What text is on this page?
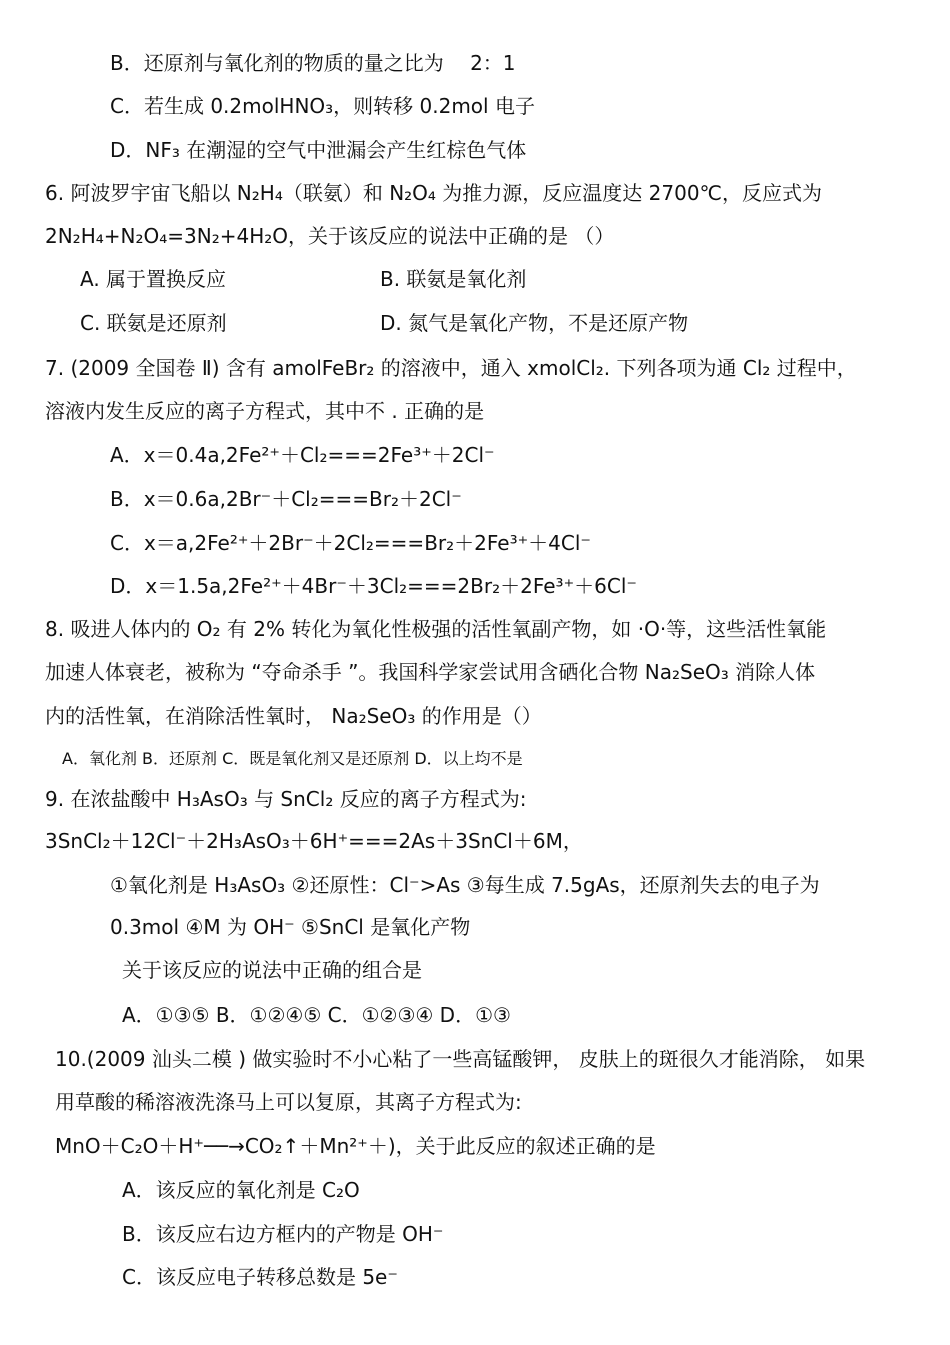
B．还原剂与氧化剂的物质的量之比为　 2：1
C．若生成 0.2molHNO₃，则转移 0.2mol 电子
D．NF₃ 在潮湿的空气中泄漏会产生红棕色气体
6. 阿波罗宇宙飞船以 N₂H₄（联氨）和 N₂O₄ 为推力源，反应温度达 2700℃，反应式为
2N₂H₄+N₂O₄=3N₂+4H₂O，关于该反应的说法中正确的是 （）
A. 属于置换反应	B. 联氨是氧化剂
C. 联氨是还原剂	D. 氮气是氧化产物，不是还原产物
7. (2009 全国卷 Ⅱ) 含有 amolFeBr₂ 的溶液中，通入 xmolCl₂. 下列各项为通 Cl₂ 过程中，
溶液内发生反应的离子方程式，其中不 . 正确的是
A．x＝0.4a,2Fe²⁺＋Cl₂===2Fe³⁺＋2Cl⁻
B．x＝0.6a,2Br⁻＋Cl₂===Br₂＋2Cl⁻
C．x＝a,2Fe²⁺＋2Br⁻＋2Cl₂===Br₂＋2Fe³⁺＋4Cl⁻
D．x＝1.5a,2Fe²⁺＋4Br⁻＋3Cl₂===2Br₂＋2Fe³⁺＋6Cl⁻
8. 吸进人体内的 O₂ 有 2% 转化为氧化性极强的活性氧副产物，如 ·O·等，这些活性氧能
加速人体衰老，被称为 “夺命杀手 ”。我国科学家尝试用含硒化合物 Na₂SeO₃ 消除人体
内的活性氧，在消除活性氧时， Na₂SeO₃ 的作用是（）
A．氧化剂 B．还原剂 C．既是氧化剂又是还原剂 D．以上均不是
9. 在浓盐酸中 H₃AsO₃ 与 SnCl₂ 反应的离子方程式为:
3SnCl₂＋12Cl⁻＋2H₃AsO₃＋6H⁺===2As＋3SnCl＋6M，
①氧化剂是 H₃AsO₃ ②还原性：Cl⁻>As ③每生成 7.5gAs，还原剂失去的电子为
0.3mol ④M 为 OH⁻ ⑤SnCl 是氧化产物
关于该反应的说法中正确的组合是
A．①③⑤ B．①②④⑤ C．①②③④ D．①③
10.(2009 汕头二模 ) 做实验时不小心粘了一些高锰酸钾， 皮肤上的斑很久才能消除， 如果
用草酸的稀溶液洗涤马上可以复原，其离子方程式为:
MnO＋C₂O＋H⁺──→CO₂↑＋Mn²⁺＋)，关于此反应的叙述正确的是
A．该反应的氧化剂是 C₂O
B．该反应右边方框内的产物是 OH⁻
C．该反应电子转移总数是 5e⁻
